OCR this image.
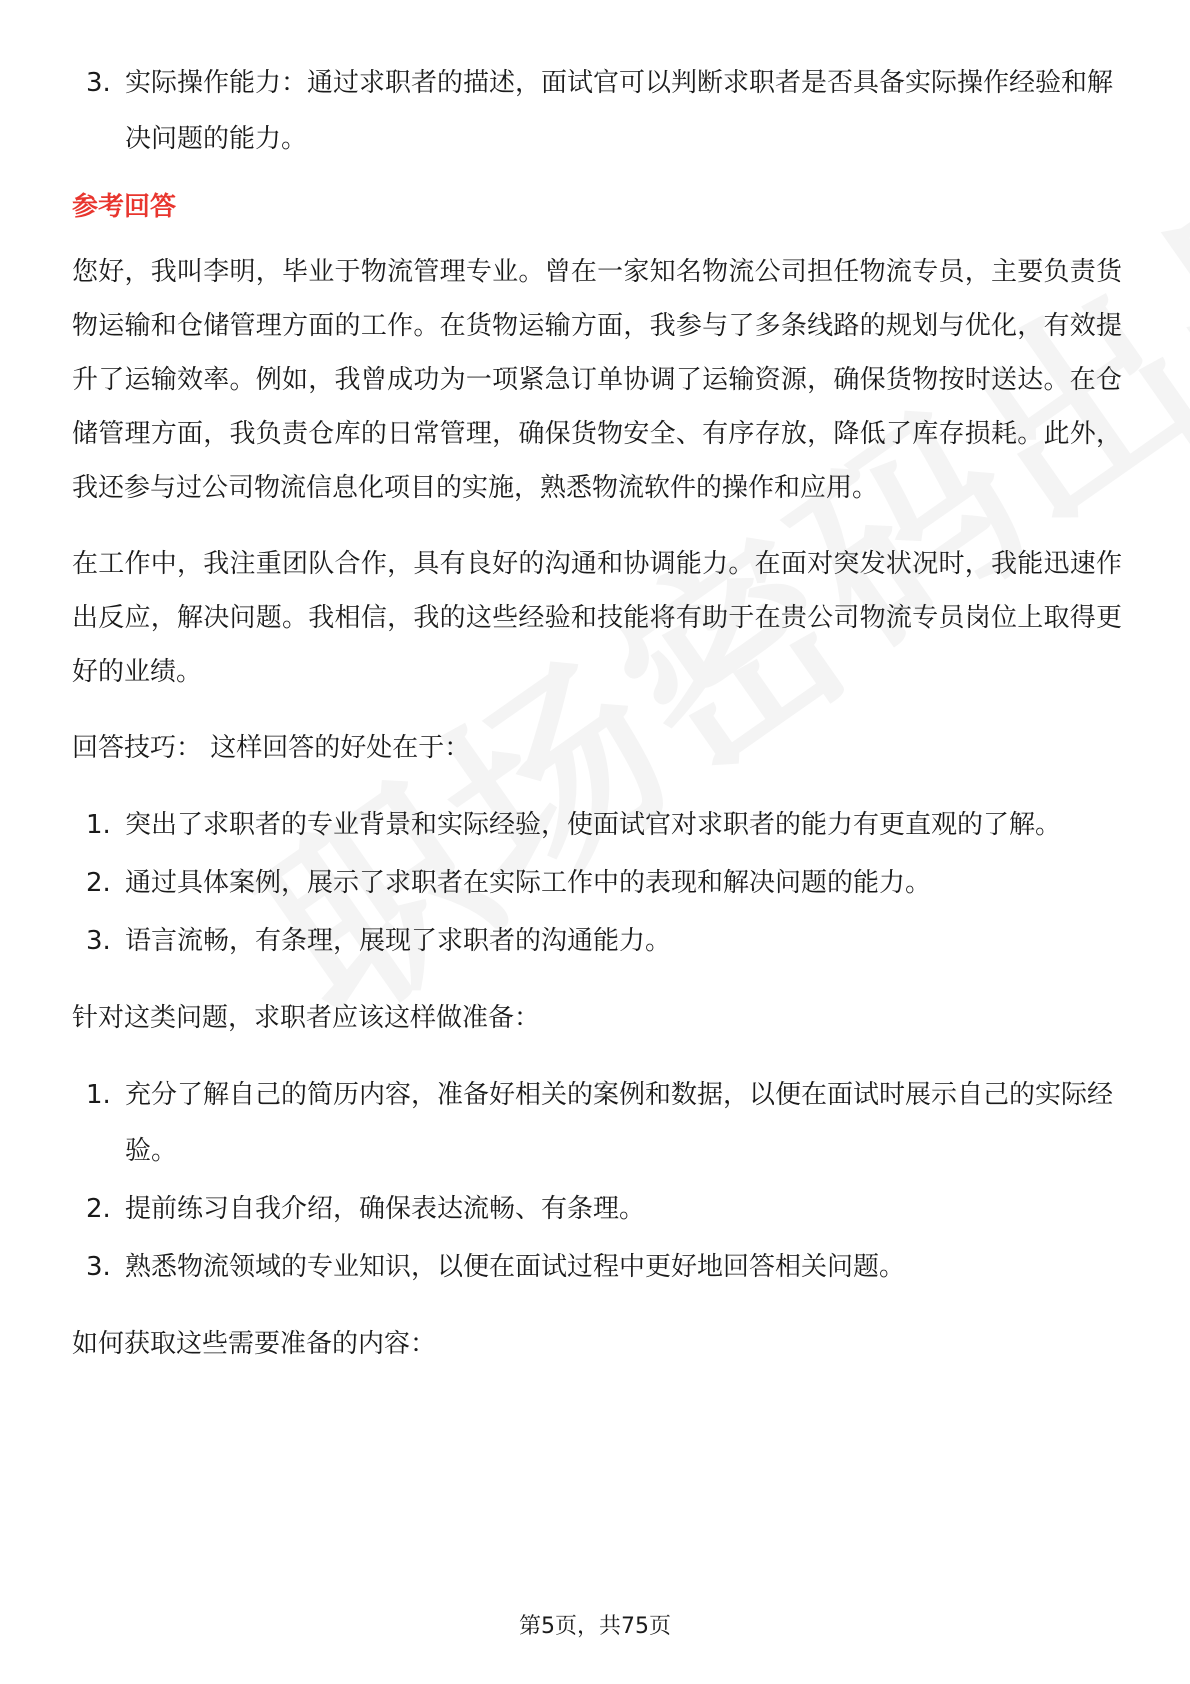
3. 实际操作能力：通过求职者的描述，面试官可以判断求职者是否具备实际操作经验和解决问题的能力。
参考回答

您好，我叫李明，毕业于物流管理专业。曾在一家知名物流公司担任物流专员，主要负责货物运输和仓储管理方面的工作。在货物运输方面，我参与了多条线路的规划与优化，有效提升了运输效率。例如，我曾成功为一项紧急订单协调了运输资源，确保货物按时送达。在仓储管理方面，我负责仓库的日常管理，确保货物安全、有序存放，降低了库存损耗。此外，我还参与过公司物流信息化项目的实施，熟悉物流软件的操作和应用。

在工作中，我注重团队合作，具有良好的沟通和协调能力。在面对突发状况时，我能迅速作出反应，解决问题。我相信，我的这些经验和技能将有助于在贵公司物流专员岗位上取得更好的业绩。

回答技巧： 这样回答的好处在于：

1. 突出了求职者的专业背景和实际经验，使面试官对求职者的能力有更直观的了解。
2. 通过具体案例，展示了求职者在实际工作中的表现和解决问题的能力。
3. 语言流畅，有条理，展现了求职者的沟通能力。

针对这类问题，求职者应该这样做准备：

1. 充分了解自己的简历内容，准备好相关的案例和数据，以便在面试时展示自己的实际经验。
2. 提前练习自我介绍，确保表达流畅、有条理。
3. 熟悉物流领域的专业知识，以便在面试过程中更好地回答相关问题。

如何获取这些需要准备的内容：

第5页，共75页
